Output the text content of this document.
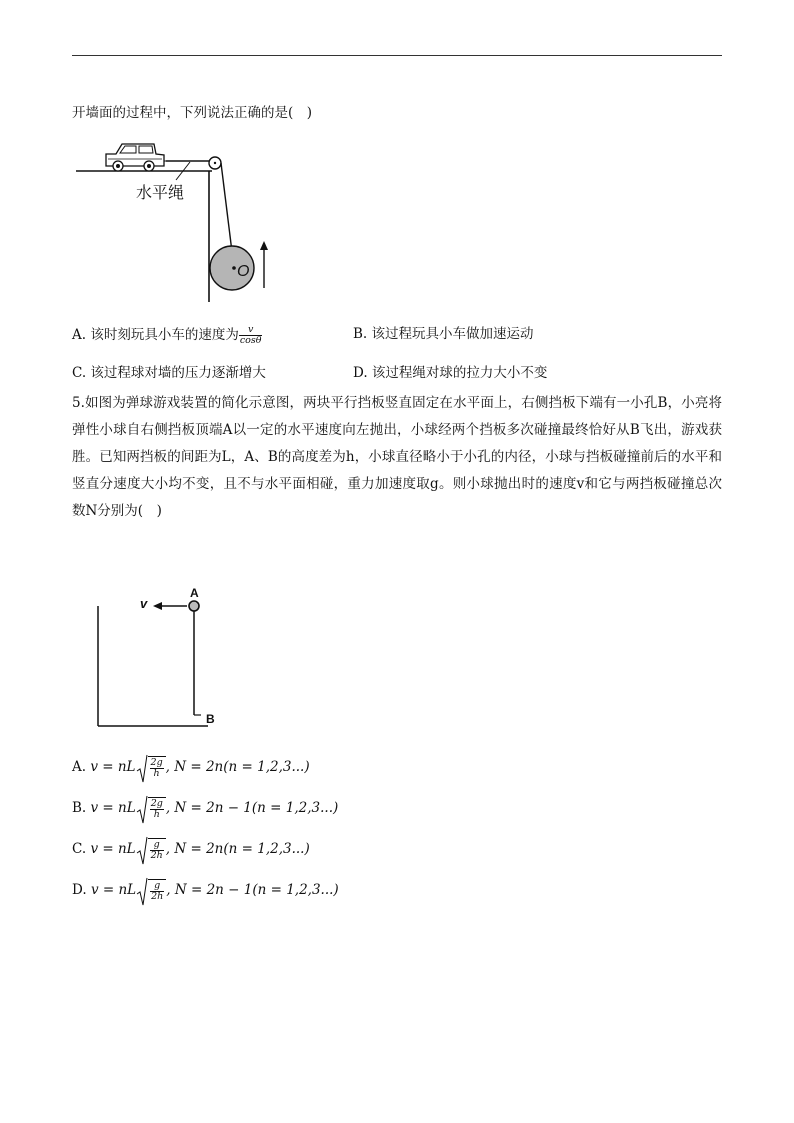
开墙面的过程中，下列说法正确的是(　)
水平绳
O
A. 该时刻玩具小车的速度为 $\frac{v}{\cos\theta}$	B. 该过程玩具小车做加速运动
C. 该过程球对墙的压力逐渐增大	D. 该过程绳对球的拉力大小不变
5.如图为弹球游戏装置的简化示意图，两块平行挡板竖直固定在水平面上，右侧挡板下端有一小孔B，小亮将弹性小球自右侧挡板顶端A以一定的水平速度向左抛出，小球经两个挡板多次碰撞最终恰好从B飞出，游戏获胜。已知两挡板的间距为L，A、B的高度差为h，小球直径略小于小孔的内径，小球与挡板碰撞前后的水平和竖直分速度大小均不变，且不与水平面相碰，重力加速度取g。则小球抛出时的速度v和它与两挡板碰撞总次数N分别为(　)
v
A
B
A. v = nL $\frac{2g}{h}$ , N = 2n(n = 1,2,3...)
B. v = nL $\frac{2g}{h}$ , N = 2n − 1(n = 1,2,3...)
C. v = nL $\frac{g}{2h}$ , N = 2n(n = 1,2,3...)
D. v = nL $\frac{g}{2h}$ , N = 2n − 1(n = 1,2,3...)
